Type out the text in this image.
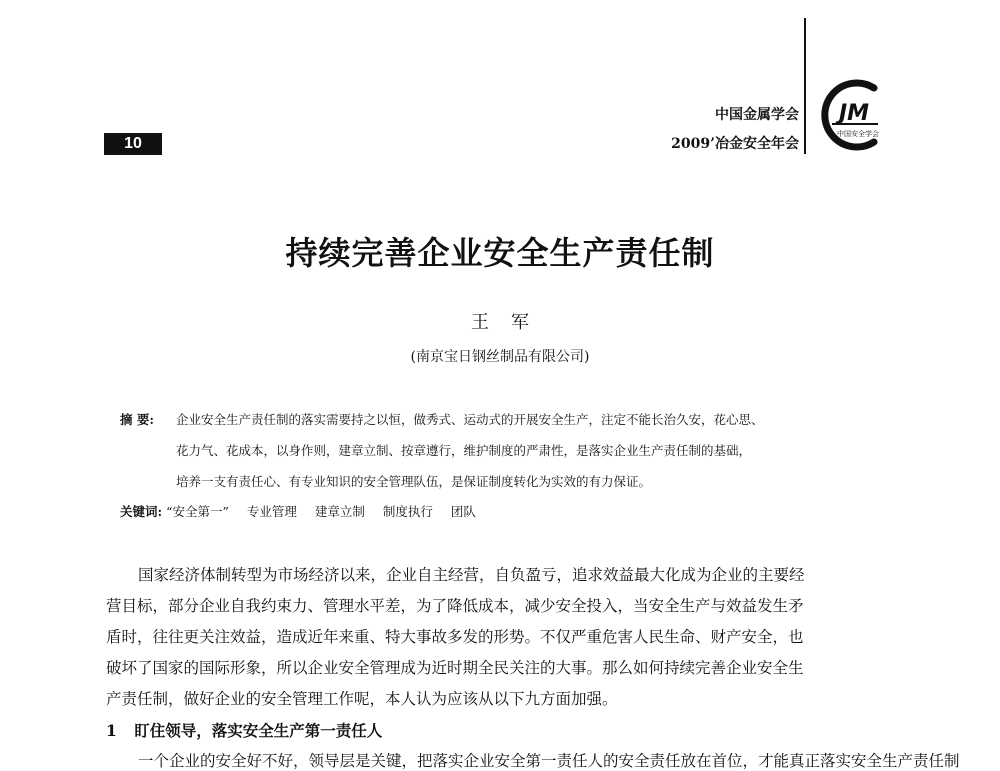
10
中国金属学会
2009’冶金安全年会
JM
中国安全学会
持续完善企业安全生产责任制
王军
(南京宝日钢丝制品有限公司)
摘 要: 企业安全生产责任制的落实需要持之以恒，做秀式、运动式的开展安全生产，注定不能长治久安，花心思、
花力气、花成本，以身作则，建章立制、按章遵行，维护制度的严肃性，是落实企业生产责任制的基础，
培养一支有责任心、有专业知识的安全管理队伍，是保证制度转化为实效的有力保证。
关键词: “安全第一” 专业管理 建章立制 制度执行 团队
国家经济体制转型为市场经济以来，企业自主经营，自负盈亏，追求效益最大化成为企业的主要经
营目标，部分企业自我约束力、管理水平差，为了降低成本，减少安全投入，当安全生产与效益发生矛
盾时，往往更关注效益，造成近年来重、特大事故多发的形势。不仅严重危害人民生命、财产安全，也
破坏了国家的国际形象，所以企业安全管理成为近时期全民关注的大事。那么如何持续完善企业安全生
产责任制，做好企业的安全管理工作呢，本人认为应该从以下九方面加强。
1 盯住领导，落实安全生产第一责任人
一个企业的安全好不好，领导层是关键，把落实企业安全第一责任人的安全责任放在首位，才能真正落实安全生产责任制
